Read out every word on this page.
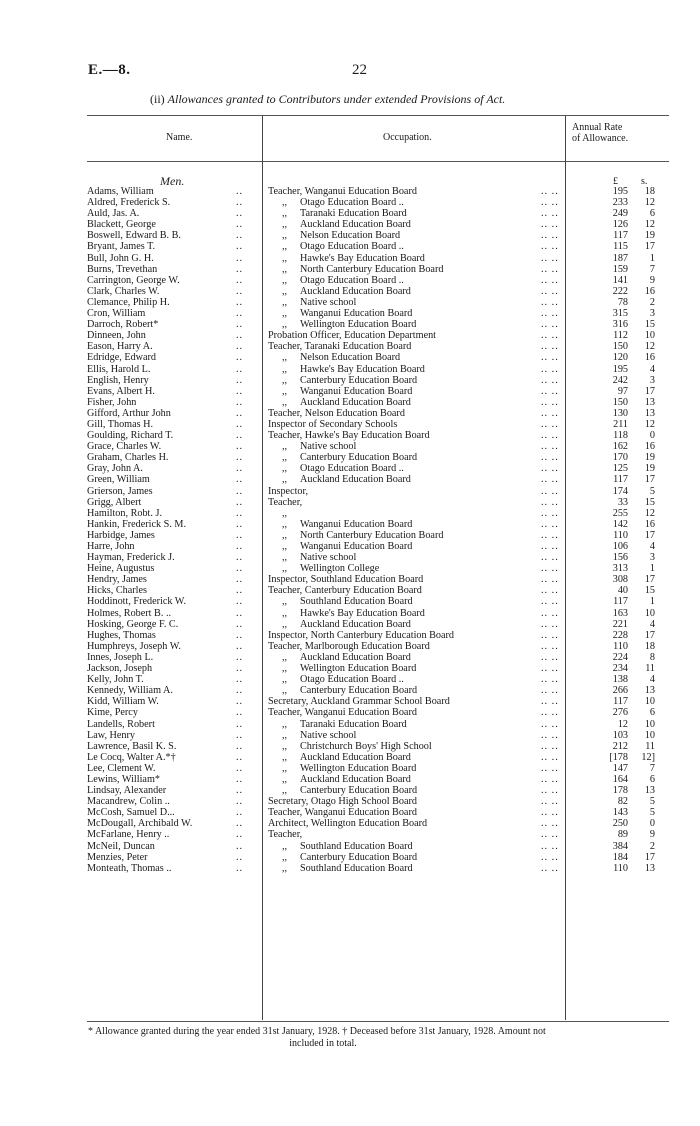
E.—8.	22
(ii) Allowances granted to Contributors under extended Provisions of Act.
Name.	Occupation.
Annual Rate
of Allowance.
Men.	£ s.
Adams, William	.. Teacher, Wanganui Education Board	.. ..	195	18
Aldred, Frederick S.	..	,, Otago Education Board ..	.. ..	233	12
Auld, Jas. A.	..	,, Taranaki Education Board	.. ..	249	6
Blackett, George	..	,, Auckland Education Board	.. ..	126	12
Boswell, Edward B. B.	..	,, Nelson Education Board	.. ..	117	19
Bryant, James T.	..	,, Otago Education Board ..	.. ..	115	17
Bull, John G. H.	..	,, Hawke's Bay Education Board	.. ..	187	1
Burns, Trevethan	..	,, North Canterbury Education Board	.. ..	159	7
Carrington, George W.	..	,, Otago Education Board ..	.. ..	141	9
Clark, Charles W.	..	,, Auckland Education Board	.. ..	222	16
Clemance, Philip H.	..	,, Native school	.. ..	78	2
Cron, William	..	,, Wanganui Education Board	.. ..	315	3
Darroch, Robert*	..	,, Wellington Education Board	.. ..	316	15
Dinneen, John	.. Probation Officer, Education Department	.. ..	112	10
Eason, Harry A.	.. Teacher, Taranaki Education Board	.. ..	150	12
Edridge, Edward	..	,, Nelson Education Board	.. ..	120	16
Ellis, Harold L.	..	,, Hawke's Bay Education Board	.. ..	195	4
English, Henry	..	,, Canterbury Education Board	.. ..	242	3
Evans, Albert H.	..	,, Wanganui Education Board	.. ..	97	17
Fisher, John	..	,, Auckland Education Board	.. ..	150	13
Gifford, Arthur John	.. Teacher, Nelson Education Board	.. ..	130	13
Gill, Thomas H.	.. Inspector of Secondary Schools	.. ..	211	12
Goulding, Richard T.	.. Teacher, Hawke's Bay Education Board	.. ..	118	0
Grace, Charles W.	..	,, Native school	.. ..	162	16
Graham, Charles H.	..	,, Canterbury Education Board	.. ..	170	19
Gray, John A.	..	,, Otago Education Board ..	.. ..	125	19
Green, William	..	,, Auckland Education Board	.. ..	117	17
Grierson, James	.. Inspector,	.. ..	174	5
Grigg, Albert	.. Teacher,	.. ..	33	15
Hamilton, Robt. J.	..	,,	.. ..	255	12
Hankin, Frederick S. M.	..	,, Wanganui Education Board	.. ..	142	16
Harbidge, James	..	,, North Canterbury Education Board	.. ..	110	17
Harre, John	..	,, Wanganui Education Board	.. ..	106	4
Hayman, Frederick J.	..	,, Native school	.. ..	156	3
Heine, Augustus	..	,, Wellington College	.. ..	313	1
Hendry, James	.. Inspector, Southland Education Board	.. ..	308	17
Hicks, Charles	.. Teacher, Canterbury Education Board	.. ..	40	15
Hoddinott, Frederick W.	..	,, Southland Education Board	.. ..	117	1
Holmes, Robert B. ..	..	,, Hawke's Bay Education Board	.. ..	163	10
Hosking, George F. C.	..	,, Auckland Education Board	.. ..	221	4
Hughes, Thomas	.. Inspector, North Canterbury Education Board	.. ..	228	17
Humphreys, Joseph W.	.. Teacher, Marlborough Education Board	.. ..	110	18
Innes, Joseph L.	..	,, Auckland Education Board	.. ..	224	8
Jackson, Joseph	..	,, Wellington Education Board	.. ..	234	11
Kelly, John T.	..	,, Otago Education Board ..	.. ..	138	4
Kennedy, William A.	..	,, Canterbury Education Board	.. ..	266	13
Kidd, William W.	.. Secretary, Auckland Grammar School Board	.. ..	117	10
Kime, Percy	.. Teacher, Wanganui Education Board	.. ..	276	6
Landells, Robert	..	,, Taranaki Education Board	.. ..	12	10
Law, Henry	..	,, Native school	.. ..	103	10
Lawrence, Basil K. S.	..	,, Christchurch Boys' High School	.. ..	212	11
Le Cocq, Walter A.*†	..	,, Auckland Education Board	.. ..	[178	12]
Lee, Clement W.	..	,, Wellington Education Board	.. ..	147	7
Lewins, William*	..	,, Auckland Education Board	.. ..	164	6
Lindsay, Alexander	..	,, Canterbury Education Board	.. ..	178	13
Macandrew, Colin ..	.. Secretary, Otago High School Board	.. ..	82	5
McCosh, Samuel D...	.. Teacher, Wanganui Education Board	.. ..	143	5
McDougall, Archibald W.	.. Architect, Wellington Education Board	.. ..	250	0
McFarlane, Henry ..	.. Teacher,	.. ..	89	9
McNeil, Duncan	..	,, Southland Education Board	.. ..	384	2
Menzies, Peter	..	,, Canterbury Education Board	.. ..	184	17
Monteath, Thomas ..	..	,, Southland Education Board	.. ..	110	13
* Allowance granted during the year ended 31st January, 1928. † Deceased before 31st January, 1928. Amount not

included in total.
